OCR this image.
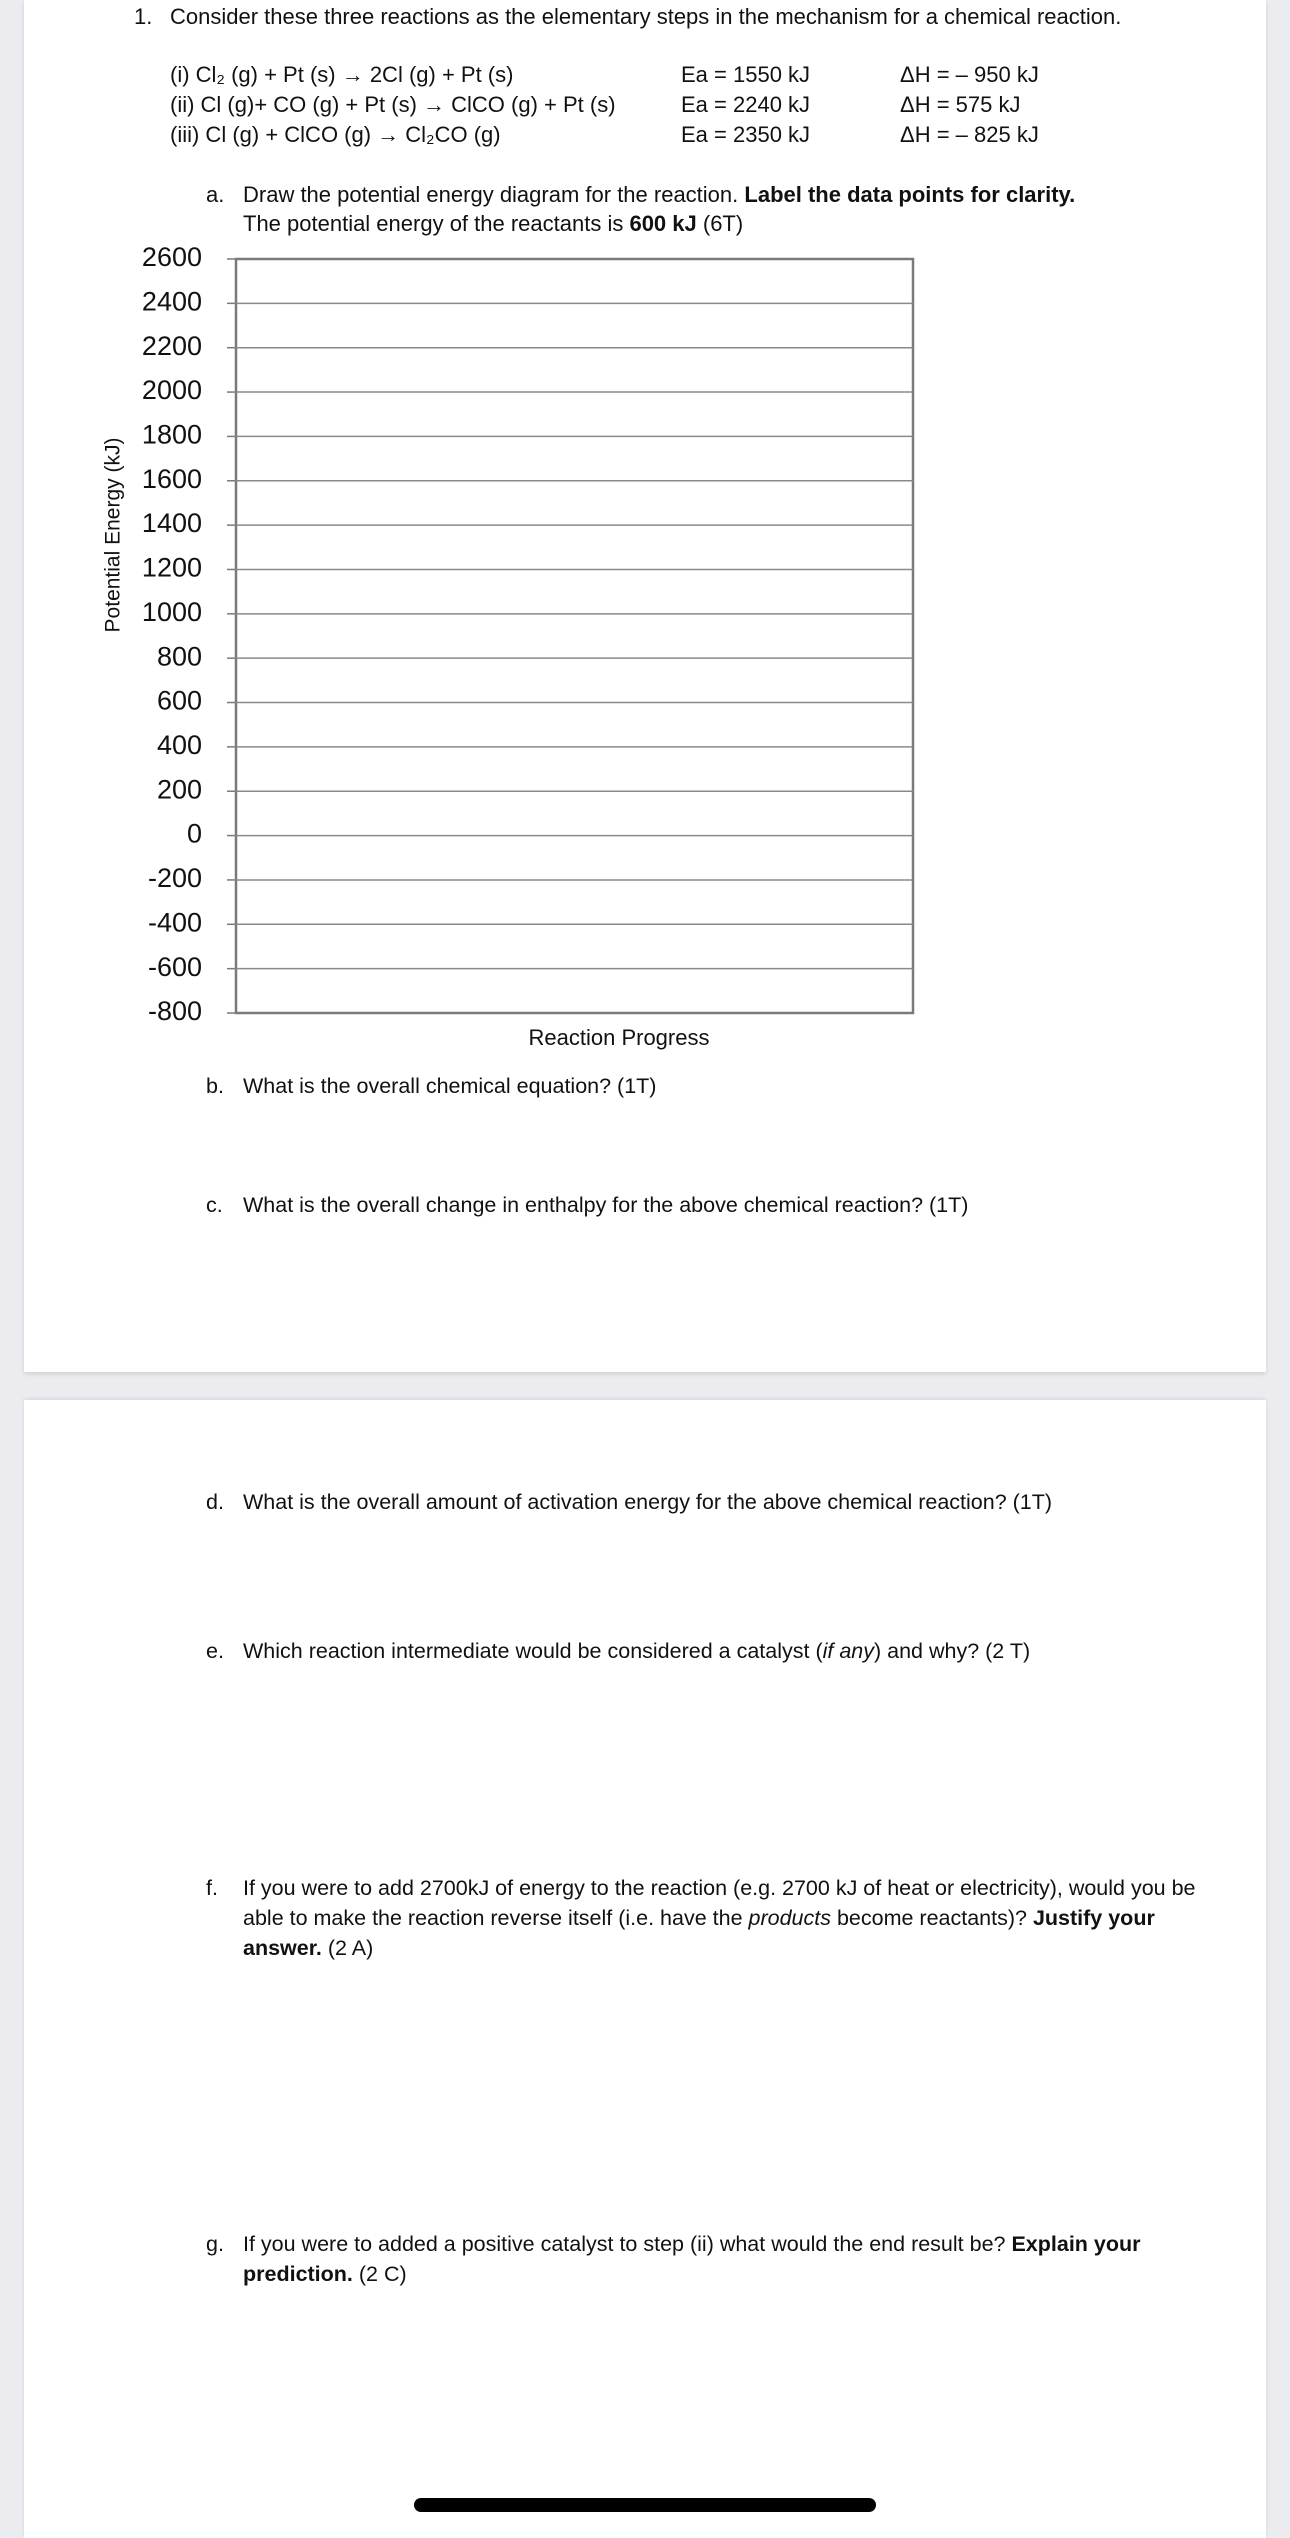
1. Consider these three reactions as the elementary steps in the mechanism for a chemical reaction.
(i) Cl₂ (g) + Pt (s) → 2Cl (g) + Pt (s)	Ea = 1550 kJ	ΔH = – 950 kJ
(ii) Cl (g)+ CO (g) + Pt (s) → ClCO (g) + Pt (s)	Ea = 2240 kJ	ΔH = 575 kJ
(iii) Cl (g) + ClCO (g) → Cl₂CO (g)	Ea = 2350 kJ	ΔH = – 825 kJ
a. Draw the potential energy diagram for the reaction. Label the data points for clarity.
The potential energy of the reactants is 600 kJ (6T)
2600
2400
2200
2000
1800
1600
1400
1200
1000
800
600
400
200
0
-200
-400
-600
-800
Potential Energy (kJ)
Reaction Progress
b. What is the overall chemical equation? (1T)
c. What is the overall change in enthalpy for the above chemical reaction? (1T)
d. What is the overall amount of activation energy for the above chemical reaction? (1T)
e. Which reaction intermediate would be considered a catalyst (if any) and why? (2 T)
f. If you were to add 2700kJ of energy to the reaction (e.g. 2700 kJ of heat or electricity), would you be able to make the reaction reverse itself (i.e. have the products become reactants)? Justify your answer. (2 A)
g. If you were to added a positive catalyst to step (ii) what would the end result be? Explain your prediction. (2 C)
